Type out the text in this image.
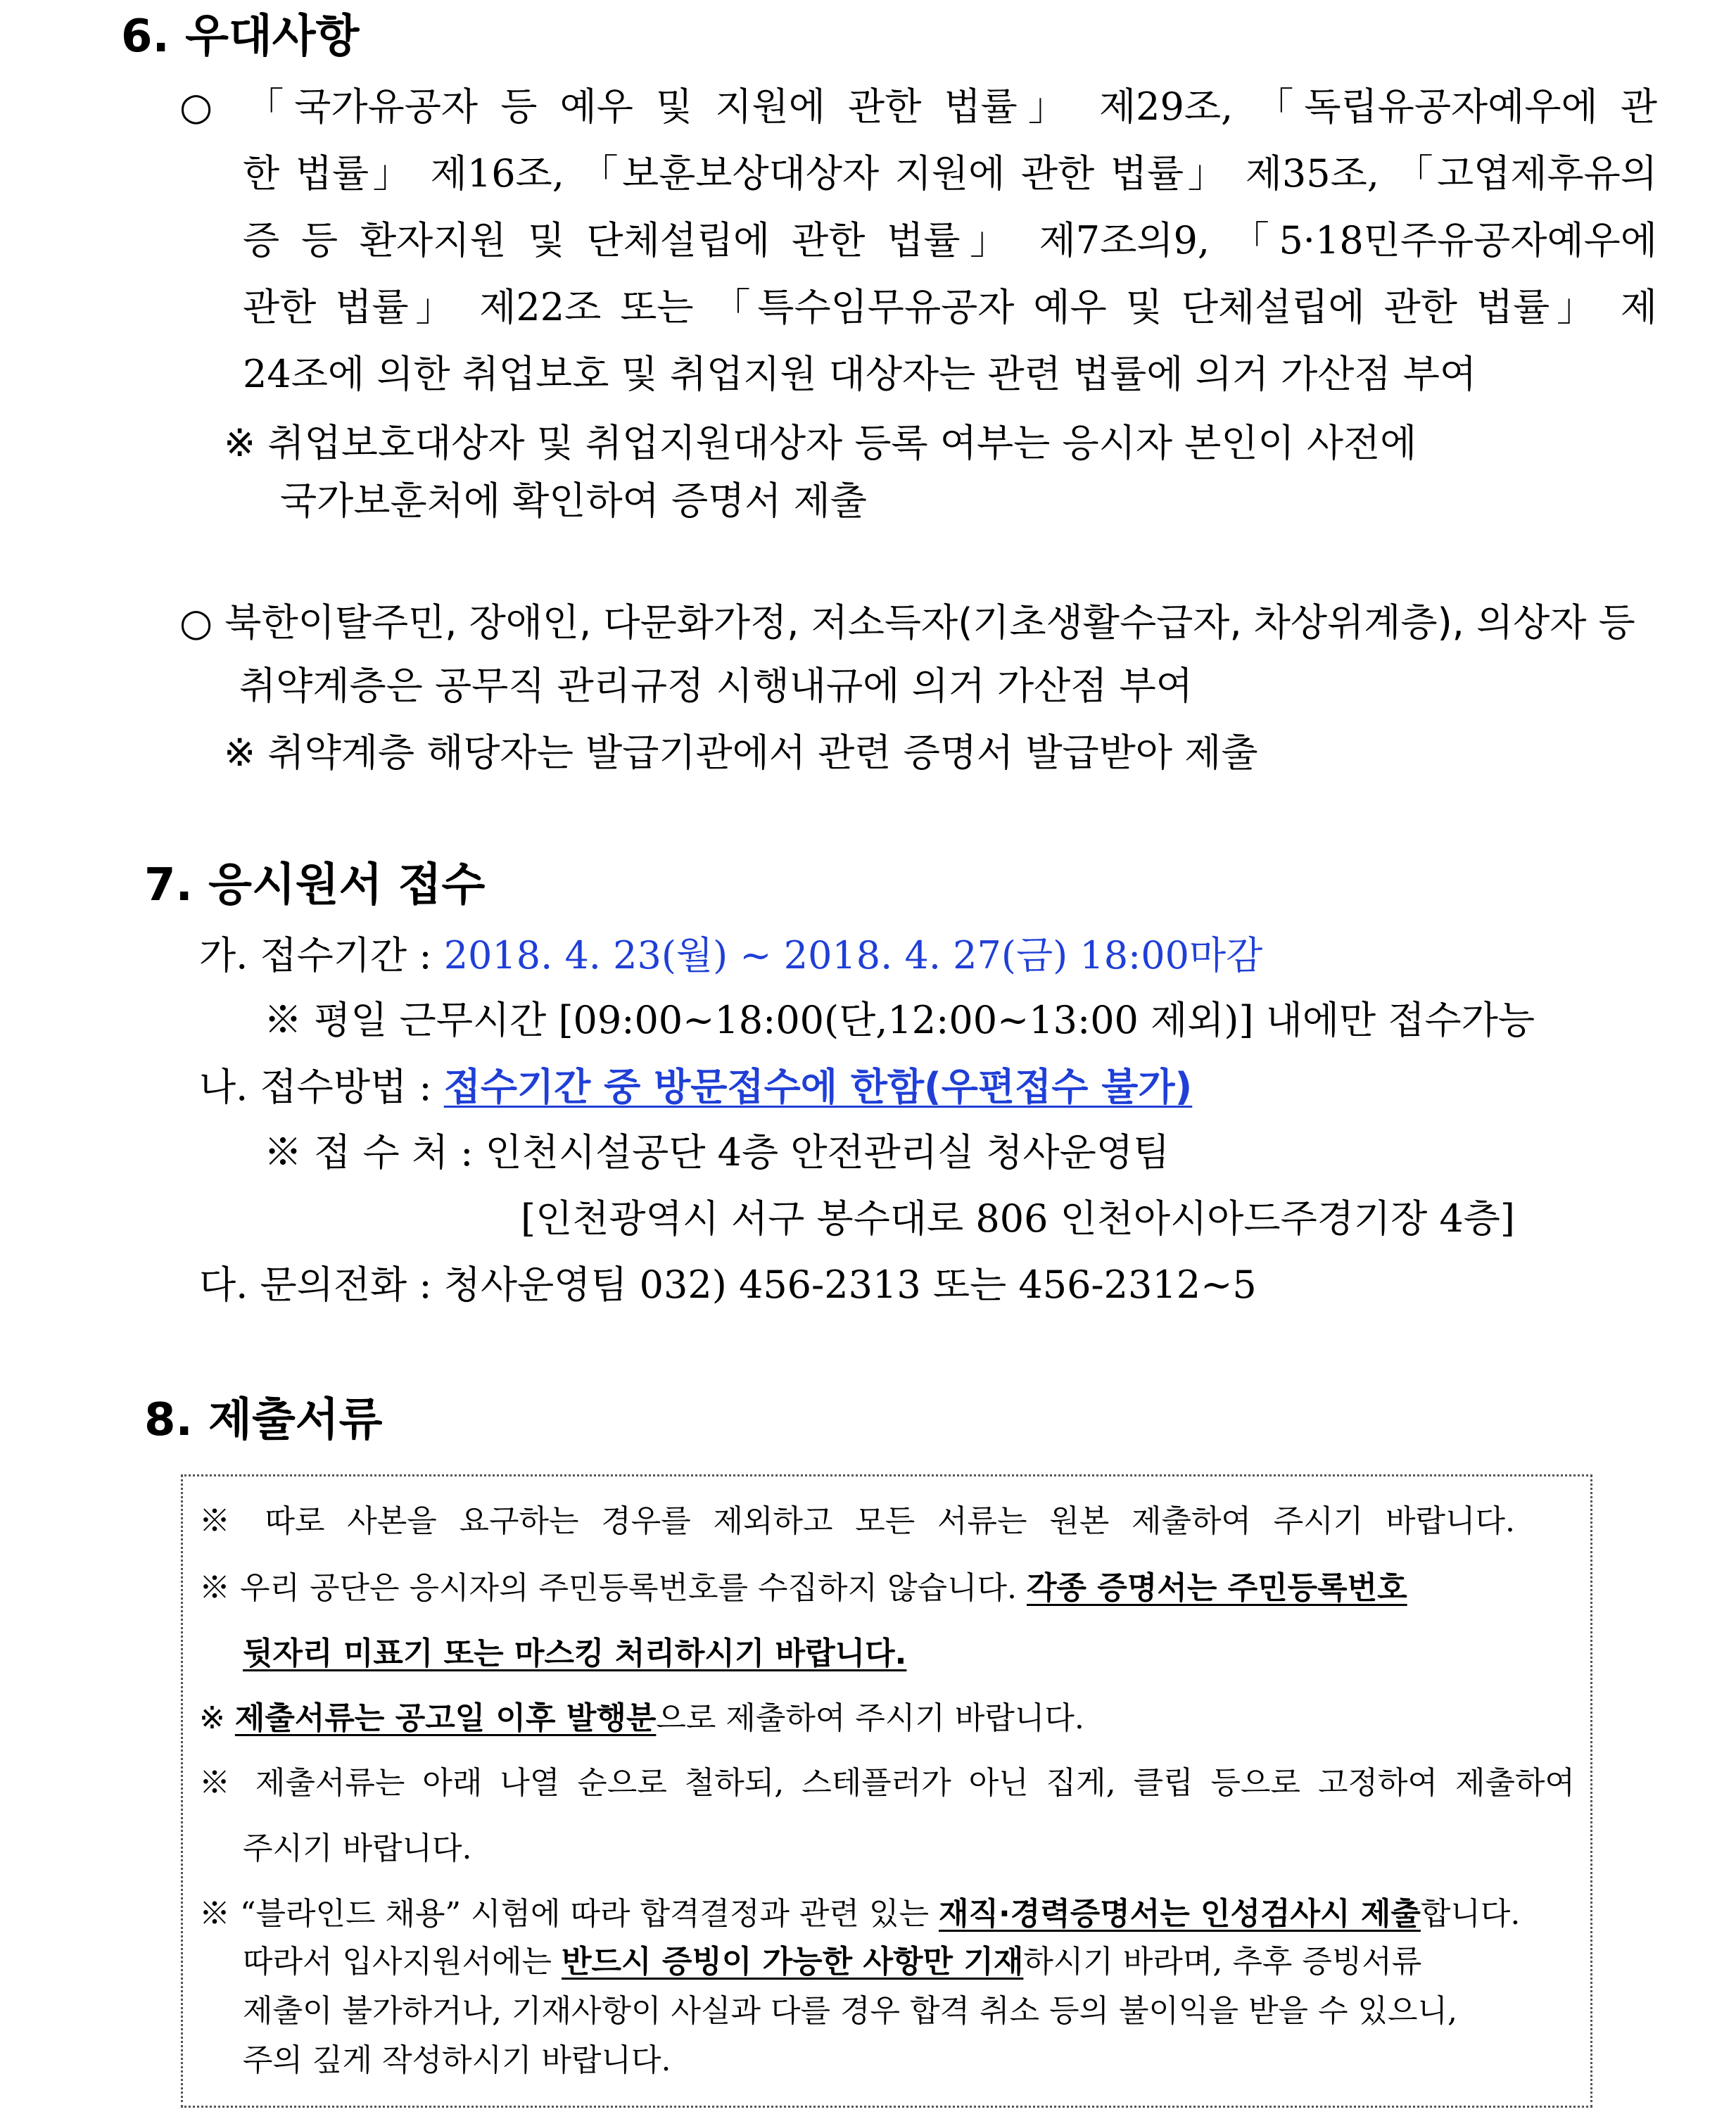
6. 우대사항
○ 「국가유공자 등 예우 및 지원에 관한 법률」 제29조, 「독립유공자예우에 관
한 법률」 제16조, 「보훈보상대상자 지원에 관한 법률」 제35조, 「고엽제후유의
증 등 환자지원 및 단체설립에 관한 법률」 제7조의9, 「5·18민주유공자예우에
관한 법률」 제22조 또는 「특수임무유공자 예우 및 단체설립에 관한 법률」 제
24조에 의한 취업보호 및 취업지원 대상자는 관련 법률에 의거 가산점 부여
※ 취업보호대상자 및 취업지원대상자 등록 여부는 응시자 본인이 사전에
국가보훈처에 확인하여 증명서 제출
○ 북한이탈주민, 장애인, 다문화가정, 저소득자(기초생활수급자, 차상위계층), 의상자 등
취약계층은 공무직 관리규정 시행내규에 의거 가산점 부여
※ 취약계층 해당자는 발급기관에서 관련 증명서 발급받아 제출
7. 응시원서 접수
가. 접수기간 : 2018. 4. 23(월) ~ 2018. 4. 27(금) 18:00마감
※ 평일 근무시간 [09:00~18:00(단,12:00~13:00 제외)] 내에만 접수가능
나. 접수방법 : 접수기간 중 방문접수에 한함(우편접수 불가)
※ 접 수 처 : 인천시설공단 4층 안전관리실 청사운영팀
[인천광역시 서구 봉수대로 806 인천아시아드주경기장 4층]
다. 문의전화 : 청사운영팀 032) 456-2313 또는 456-2312~5
8. 제출서류
※ 따로 사본을 요구하는 경우를 제외하고 모든 서류는 원본 제출하여 주시기 바랍니다.
※ 우리 공단은 응시자의 주민등록번호를 수집하지 않습니다. 각종 증명서는 주민등록번호
뒷자리 미표기 또는 마스킹 처리하시기 바랍니다.
※ 제출서류는 공고일 이후 발행분으로 제출하여 주시기 바랍니다.
※ 제출서류는 아래 나열 순으로 철하되, 스테플러가 아닌 집게, 클립 등으로 고정하여 제출하여
주시기 바랍니다.
※ “블라인드 채용” 시험에 따라 합격결정과 관련 있는 재직·경력증명서는 인성검사시 제출합니다.
따라서 입사지원서에는 반드시 증빙이 가능한 사항만 기재하시기 바라며, 추후 증빙서류
제출이 불가하거나, 기재사항이 사실과 다를 경우 합격 취소 등의 불이익을 받을 수 있으니,
주의 깊게 작성하시기 바랍니다.
